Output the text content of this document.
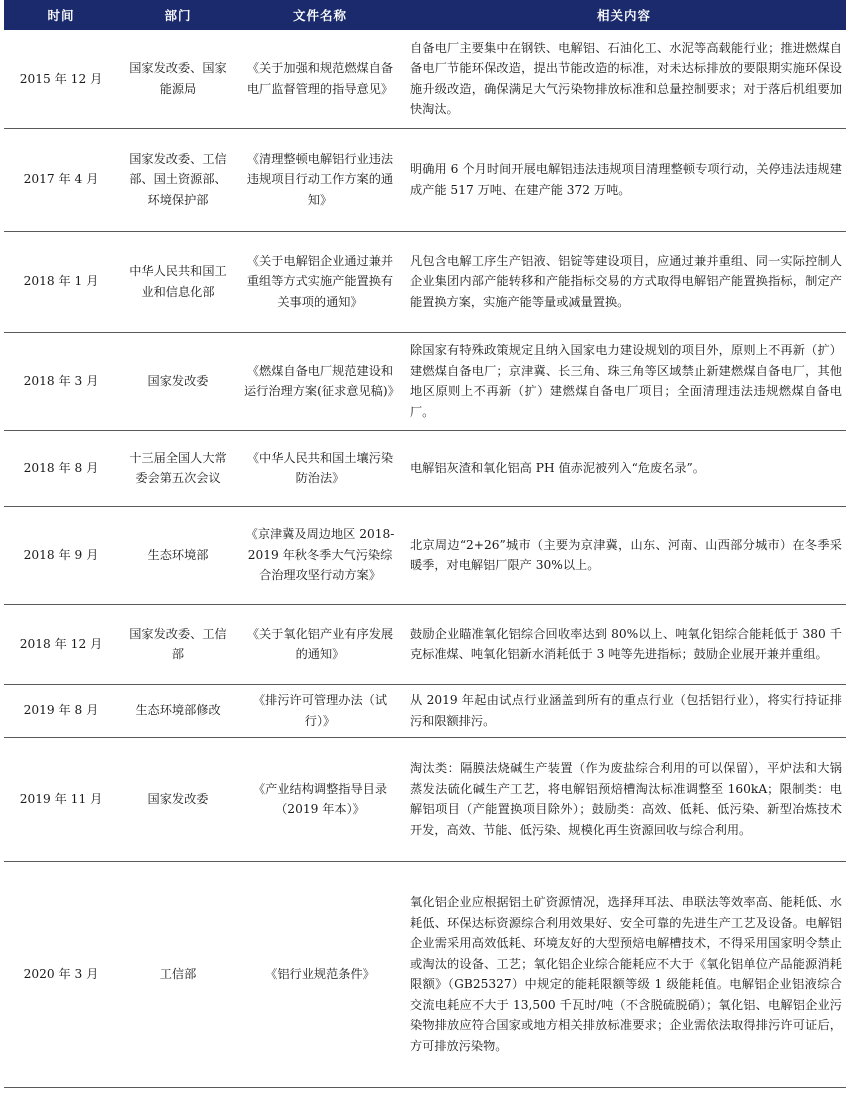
时间	部门	文件名称	相关内容
2015 年 12 月	国家发改委、国家能源局	《关于加强和规范燃煤自备电厂监督管理的指导意见》	自备电厂主要集中在钢铁、电解铝、石油化工、水泥等高载能行业；推进燃煤自备电厂节能环保改造，提出节能改造的标准，对未达标排放的要限期实施环保设施升级改造，确保满足大气污染物排放标准和总量控制要求；对于落后机组要加快淘汰。
2017 年 4 月	国家发改委、工信部、国土资源部、环境保护部	《清理整顿电解铝行业违法违规项目行动工作方案的通知》	明确用 6 个月时间开展电解铝违法违规项目清理整顿专项行动，关停违法违规建成产能 517 万吨、在建产能 372 万吨。
2018 年 1 月	中华人民共和国工业和信息化部	《关于电解铝企业通过兼并重组等方式实施产能置换有关事项的通知》	凡包含电解工序生产铝液、铝锭等建设项目，应通过兼并重组、同一实际控制人企业集团内部产能转移和产能指标交易的方式取得电解铝产能置换指标，制定产能置换方案，实施产能等量或减量置换。
2018 年 3 月	国家发改委	《燃煤自备电厂规范建设和运行治理方案(征求意见稿)》	除国家有特殊政策规定且纳入国家电力建设规划的项目外，原则上不再新（扩）建燃煤自备电厂；京津冀、长三角、珠三角等区域禁止新建燃煤自备电厂，其他地区原则上不再新（扩）建燃煤自备电厂项目；全面清理违法违规燃煤自备电厂。
2018 年 8 月	十三届全国人大常委会第五次会议	《中华人民共和国土壤污染防治法》	电解铝灰渣和氧化铝高 PH 值赤泥被列入“危废名录”。
2018 年 9 月	生态环境部	《京津冀及周边地区 2018-2019 年秋冬季大气污染综合治理攻坚行动方案》	北京周边“2+26”城市（主要为京津冀，山东、河南、山西部分城市）在冬季采暖季，对电解铝厂限产 30%以上。
2018 年 12 月	国家发改委、工信部	《关于氧化铝产业有序发展的通知》	鼓励企业瞄准氧化铝综合回收率达到 80%以上、吨氧化铝综合能耗低于 380 千克标准煤、吨氧化铝新水消耗低于 3 吨等先进指标；鼓励企业展开兼并重组。
2019 年 8 月	生态环境部修改	《排污许可管理办法（试行）》	从 2019 年起由试点行业涵盖到所有的重点行业（包括铝行业），将实行持证排污和限额排污。
2019 年 11 月	国家发改委	《产业结构调整指导目录（2019 年本）》	淘汰类：隔膜法烧碱生产装置（作为废盐综合利用的可以保留），平炉法和大锅蒸发法硫化碱生产工艺，将电解铝预焙槽淘汰标准调整至 160kA；限制类：电解铝项目（产能置换项目除外）；鼓励类：高效、低耗、低污染、新型冶炼技术开发，高效、节能、低污染、规模化再生资源回收与综合利用。
2020 年 3 月	工信部	《铝行业规范条件》	氧化铝企业应根据铝土矿资源情况，选择拜耳法、串联法等效率高、能耗低、水耗低、环保达标资源综合利用效果好、安全可靠的先进生产工艺及设备。电解铝企业需采用高效低耗、环境友好的大型预焙电解槽技术，不得采用国家明令禁止或淘汰的设备、工艺；氧化铝企业综合能耗应不大于《氧化铝单位产品能源消耗限额》（GB25327）中规定的能耗限额等级 1 级能耗值。电解铝企业铝液综合交流电耗应不大于 13,500 千瓦时/吨（不含脱硫脱硝）；氧化铝、电解铝企业污染物排放应符合国家或地方相关排放标准要求；企业需依法取得排污许可证后，方可排放污染物。
